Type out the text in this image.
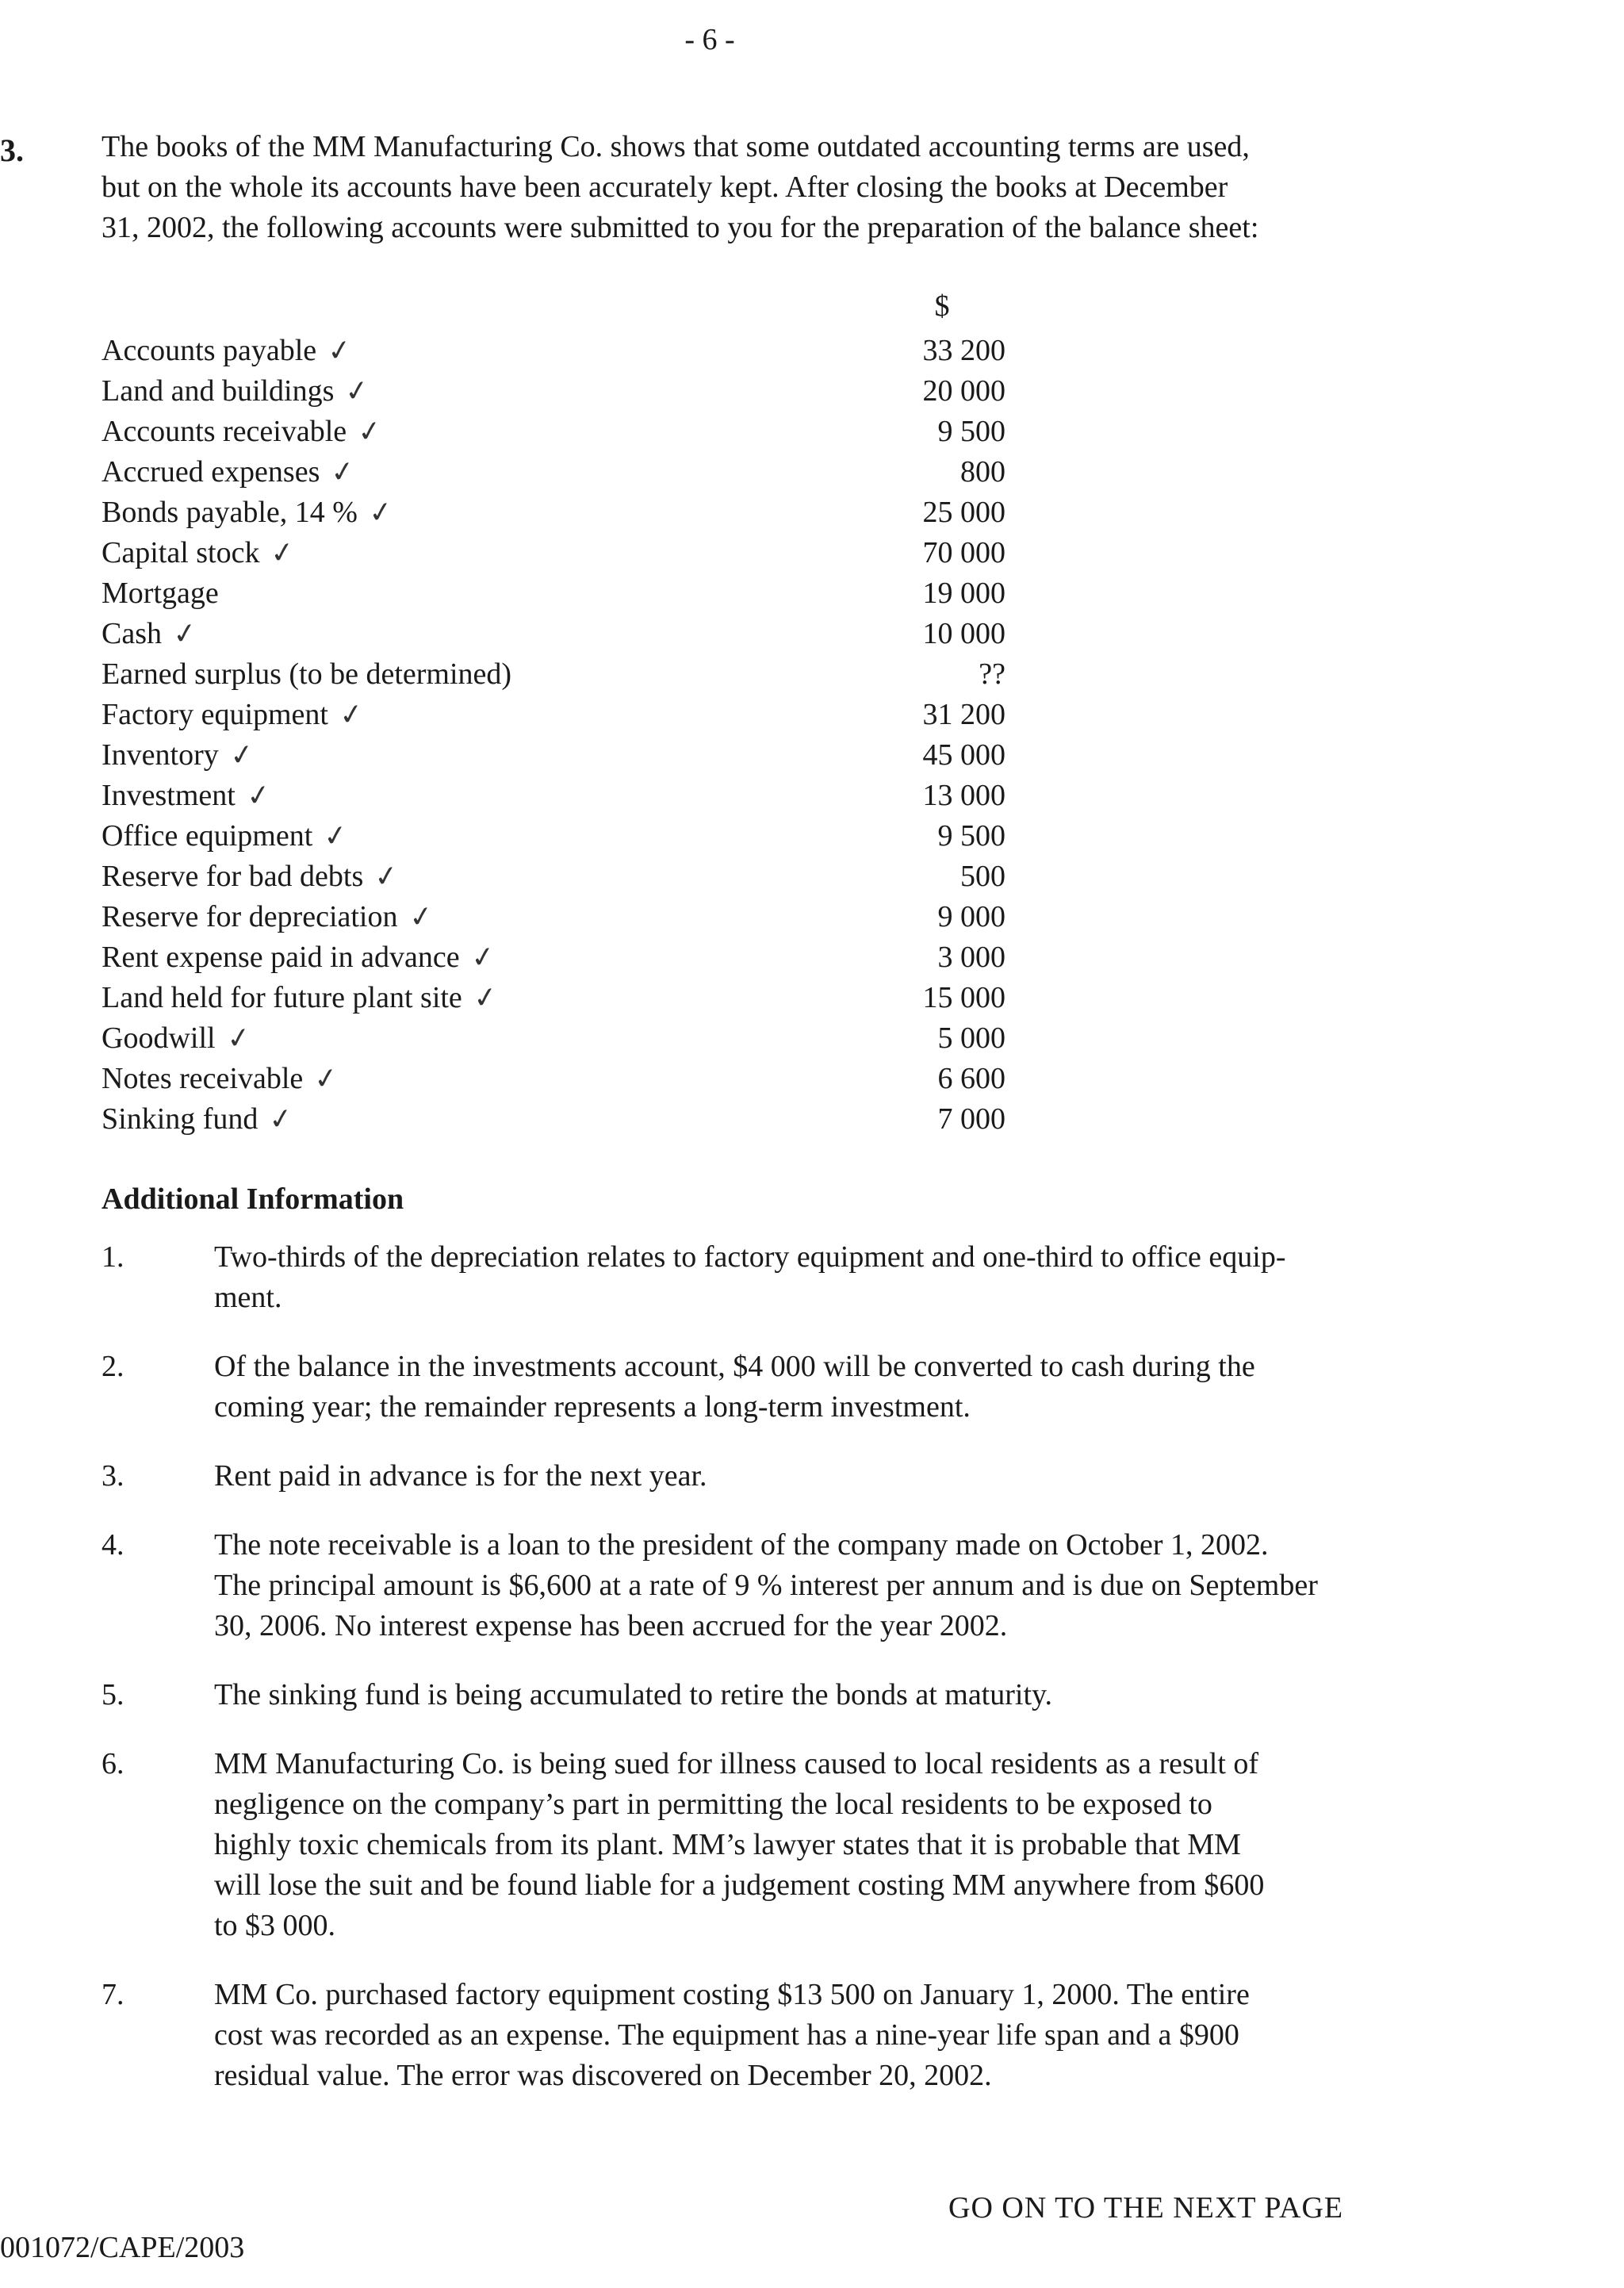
- 6 -
3.	The books of the MM Manufacturing Co. shows that some outdated accounting terms are used,
but on the whole its accounts have been accurately kept. After closing the books at December
31, 2002, the following accounts were submitted to you for the preparation of the balance sheet:
$
Accounts payable ✓	33 200
Land and buildings ✓	20 000
Accounts receivable ✓	9 500
Accrued expenses ✓	800
Bonds payable, 14 % ✓	25 000
Capital stock ✓	70 000
Mortgage	19 000
Cash ✓	10 000
Earned surplus (to be determined)	??
Factory equipment ✓	31 200
Inventory ✓	45 000
Investment ✓	13 000
Office equipment ✓	9 500
Reserve for bad debts ✓	500
Reserve for depreciation ✓	9 000
Rent expense paid in advance ✓	3 000
Land held for future plant site ✓	15 000
Goodwill ✓	5 000
Notes receivable ✓	6 600
Sinking fund ✓	7 000
Additional Information
1.	Two-thirds of the depreciation relates to factory equipment and one-third to office equip-
ment.
2.	Of the balance in the investments account, $4 000 will be converted to cash during the
coming year; the remainder represents a long-term investment.
3.	Rent paid in advance is for the next year.
4.	The note receivable is a loan to the president of the company made on October 1, 2002.
The principal amount is $6,600 at a rate of 9 % interest per annum and is due on September
30, 2006. No interest expense has been accrued for the year 2002.
5.	The sinking fund is being accumulated to retire the bonds at maturity.
6.	MM Manufacturing Co. is being sued for illness caused to local residents as a result of
negligence on the company’s part in permitting the local residents to be exposed to
highly toxic chemicals from its plant. MM’s lawyer states that it is probable that MM
will lose the suit and be found liable for a judgement costing MM anywhere from $600
to $3 000.
7.	MM Co. purchased factory equipment costing $13 500 on January 1, 2000. The entire
cost was recorded as an expense. The equipment has a nine-year life span and a $900
residual value. The error was discovered on December 20, 2002.
GO ON TO THE NEXT PAGE
001072/CAPE/2003
